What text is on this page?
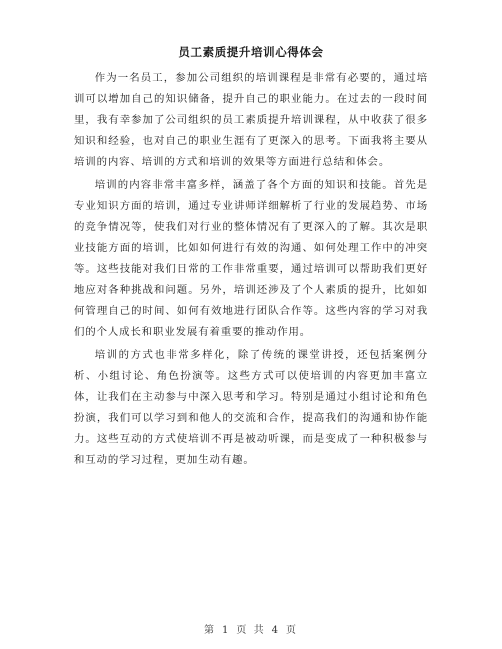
员工素质提升培训心得体会

作为一名员工，参加公司组织的培训课程是非常有必要的，通过培训可以增加自己的知识储备，提升自己的职业能力。在过去的一段时间里，我有幸参加了公司组织的员工素质提升培训课程，从中收获了很多知识和经验，也对自己的职业生涯有了更深入的思考。下面我将主要从培训的内容、培训的方式和培训的效果等方面进行总结和体会。

培训的内容非常丰富多样，涵盖了各个方面的知识和技能。首先是专业知识方面的培训，通过专业讲师详细解析了行业的发展趋势、市场的竞争情况等，使我们对行业的整体情况有了更深入的了解。其次是职业技能方面的培训，比如如何进行有效的沟通、如何处理工作中的冲突等。这些技能对我们日常的工作非常重要，通过培训可以帮助我们更好地应对各种挑战和问题。另外，培训还涉及了个人素质的提升，比如如何管理自己的时间、如何有效地进行团队合作等。这些内容的学习对我们的个人成长和职业发展有着重要的推动作用。

培训的方式也非常多样化，除了传统的课堂讲授，还包括案例分析、小组讨论、角色扮演等。这些方式可以使培训的内容更加丰富立体，让我们在主动参与中深入思考和学习。特别是通过小组讨论和角色扮演，我们可以学习到和他人的交流和合作，提高我们的沟通和协作能力。这些互动的方式使培训不再是被动听课，而是变成了一种积极参与和互动的学习过程，更加生动有趣。

第 1 页 共 4 页
